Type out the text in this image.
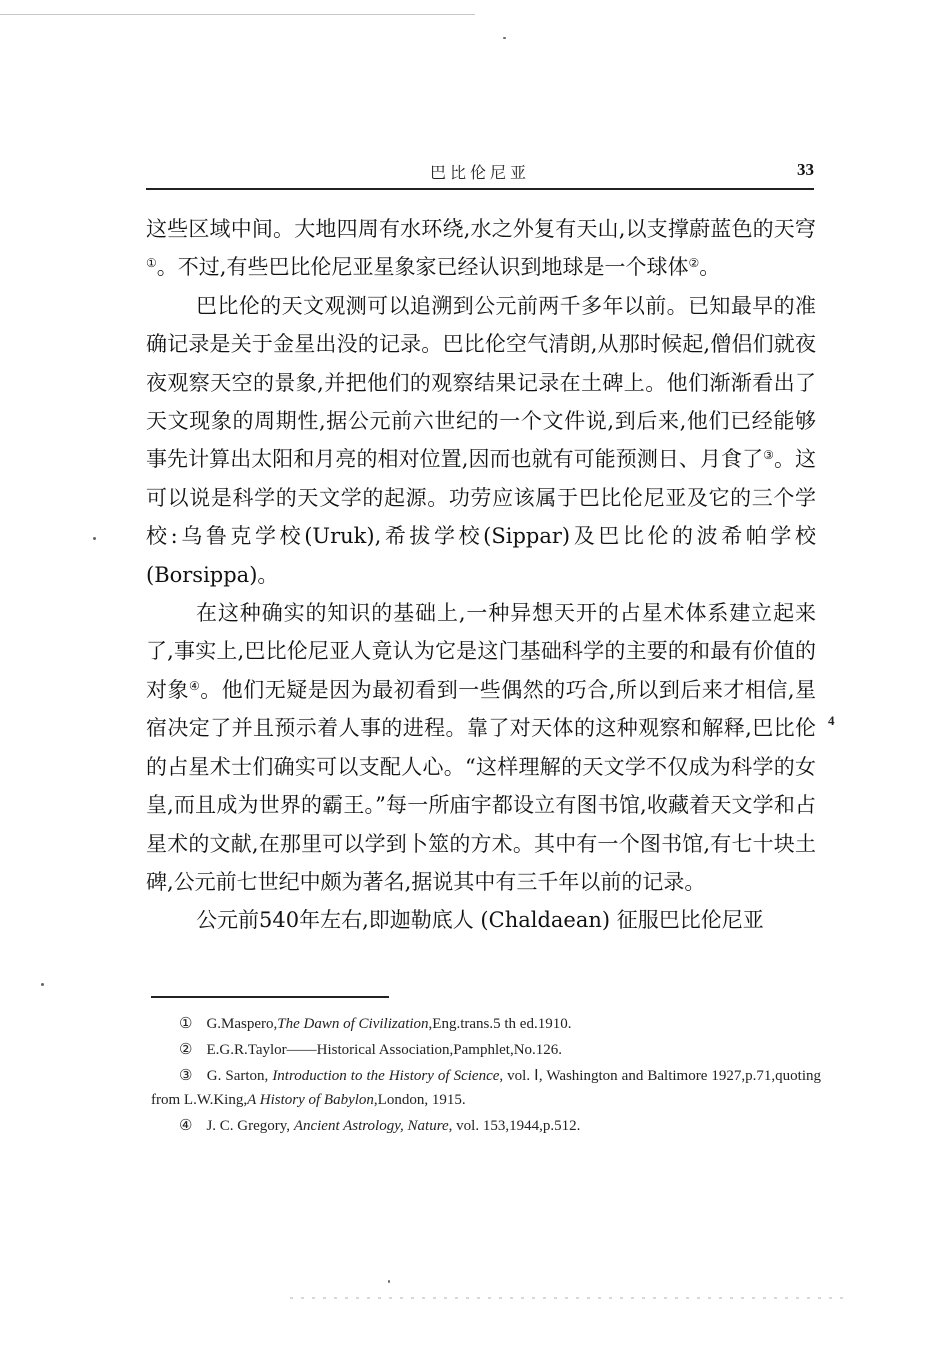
巴比伦尼亚	33

这些区域中间。大地四周有水环绕,水之外复有天山,以支撑蔚蓝色的天穹①。不过,有些巴比伦尼亚星象家已经认识到地球是一个球体②。

巴比伦的天文观测可以追溯到公元前两千多年以前。已知最早的准确记录是关于金星出没的记录。巴比伦空气清朗,从那时候起,僧侣们就夜夜观察天空的景象,并把他们的观察结果记录在土碑上。他们渐渐看出了天文现象的周期性,据公元前六世纪的一个文件说,到后来,他们已经能够事先计算出太阳和月亮的相对位置,因而也就有可能预测日、月食了③。这可以说是科学的天文学的起源。功劳应该属于巴比伦尼亚及它的三个学校:乌鲁克学校(Uruk),希拔学校(Sippar)及巴比伦的波希帕学校(Borsippa)。

在这种确实的知识的基础上,一种异想天开的占星术体系建立起来了,事实上,巴比伦尼亚人竟认为它是这门基础科学的主要的和最有价值的对象④。他们无疑是因为最初看到一些偶然的巧合,所以到后来才相信,星宿决定了并且预示着人事的进程。靠了对天体的这种观察和解释,巴比伦的占星术士们确实可以支配人心。“这样理解的天文学不仅成为科学的女皇,而且成为世界的霸王。”每一所庙宇都设立有图书馆,收藏着天文学和占星术的文献,在那里可以学到卜筮的方术。其中有一个图书馆,有七十块土碑,公元前七世纪中颇为著名,据说其中有三千年以前的记录。

公元前540年左右,即迦勒底人 (Chaldaean) 征服巴比伦尼亚

4

① G.Maspero,The Dawn of Civilization,Eng.trans.5 th ed.1910.

② E.G.R.Taylor——Historical Association,Pamphlet,No.126.

③ G. Sarton, Introduction to the History of Science, vol. Ⅰ, Washington and Baltimore 1927,p.71,quoting from L.W.King,A History of Babylon,London, 1915.

④ J. C. Gregory, Ancient Astrology, Nature, vol. 153,1944,p.512.
